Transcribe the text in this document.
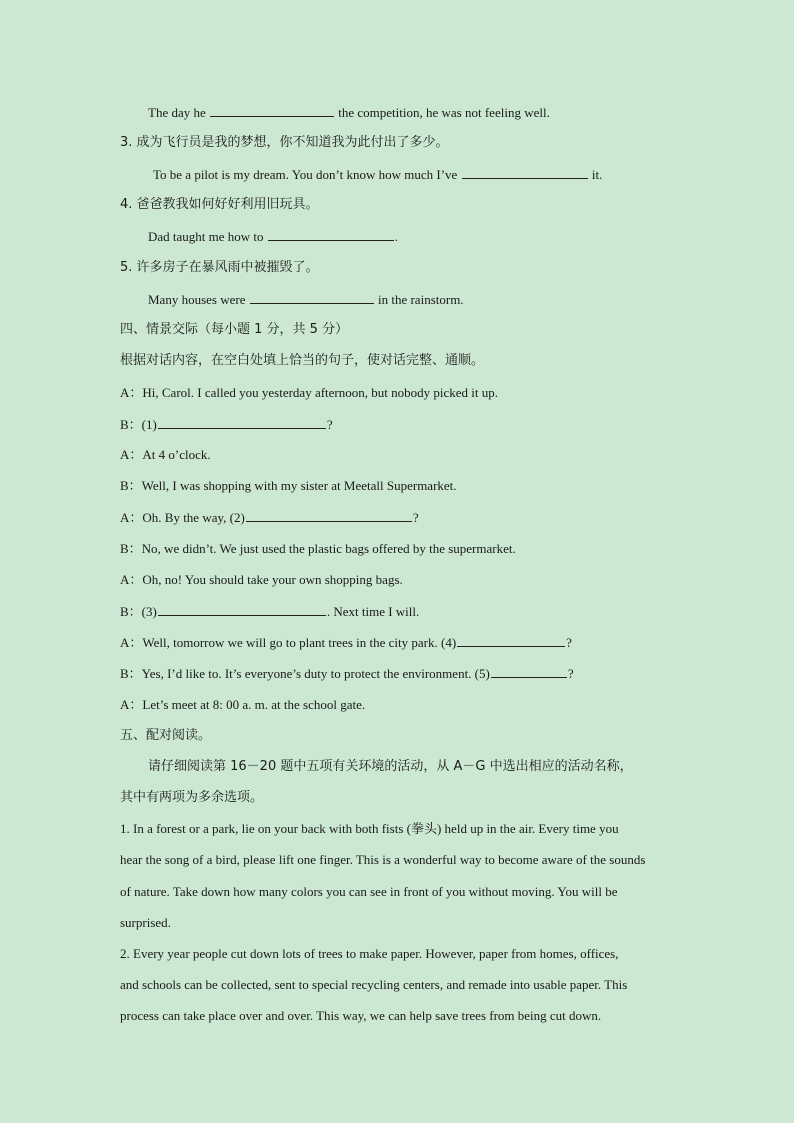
The day he	the competition, he was not feeling well.
3. 成为飞行员是我的梦想，你不知道我为此付出了多少。
To be a pilot is my dream. You don’t know how much I’ve	it.
4. 爸爸教我如何好好利用旧玩具。
Dad taught me how to	.
5. 许多房子在暴风雨中被摧毁了。
Many houses were	in the rainstorm.
四、情景交际（每小题 1 分，共 5 分）
根据对话内容，在空白处填上恰当的句子，使对话完整、通顺。
A：Hi, Carol. I called you yesterday afternoon, but nobody picked it up.
B：(1)	?
A：At 4 o’clock.
B：Well, I was shopping with my sister at Meetall Supermarket.
A：Oh. By the way, (2)	?
B：No, we didn’t. We just used the plastic bags offered by the supermarket.
A：Oh, no! You should take your own shopping bags.
B：(3)	. Next time I will.
A：Well, tomorrow we will go to plant trees in the city park. (4)	?
B：Yes, I’d like to. It’s everyone’s duty to protect the environment. (5)	?
A：Let’s meet at 8: 00 a. m. at the school gate.
五、配对阅读。
请仔细阅读第 16－20 题中五项有关环境的活动，从 A－G 中选出相应的活动名称，
其中有两项为多余选项。
1. In a forest or a park, lie on your back with both fists (拳头) held up in the air. Every time you
hear the song of a bird, please lift one finger. This is a wonderful way to become aware of the sounds
of nature. Take down how many colors you can see in front of you without moving. You will be
surprised.
2. Every year people cut down lots of trees to make paper. However, paper from homes, offices,
and schools can be collected, sent to special recycling centers, and remade into usable paper. This
process can take place over and over. This way, we can help save trees from being cut down.
